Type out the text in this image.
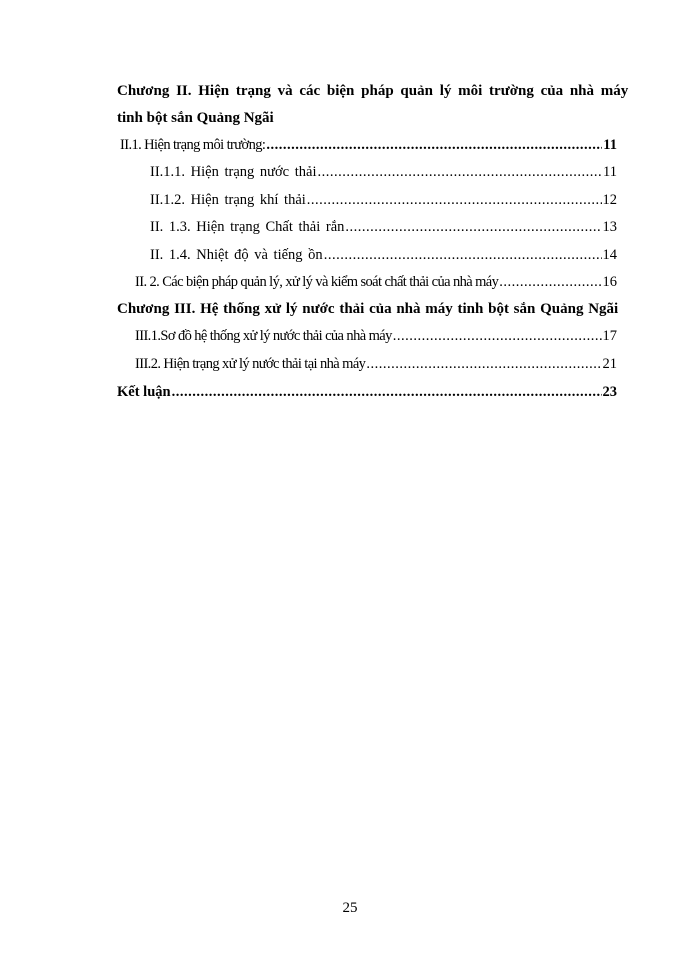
Chương II. Hiện trạng và các biện pháp quản lý môi trường của nhà máy
tinh bột sắn Quảng Ngãi
II.1. Hiện trạng môi trường: .....	11
II.1.1. Hiện trạng nước thải .....	11
II.1.2. Hiện trạng khí thải .....	12
II. 1.3. Hiện trạng Chất thải rắn .....	13
II. 1.4. Nhiệt độ và tiếng ồn .....	14
II. 2. Các biện pháp quản lý, xử lý và kiểm soát chất thải của nhà máy .....	16
Chương III. Hệ thống xử lý nước thải của nhà máy tinh bột sắn Quảng Ngãi
III.1.Sơ đồ hệ thống xử lý nước thải của nhà máy .....	17
III.2. Hiện trạng xử lý nước thải tại nhà máy .....	21
Kết luận .....	23
25
